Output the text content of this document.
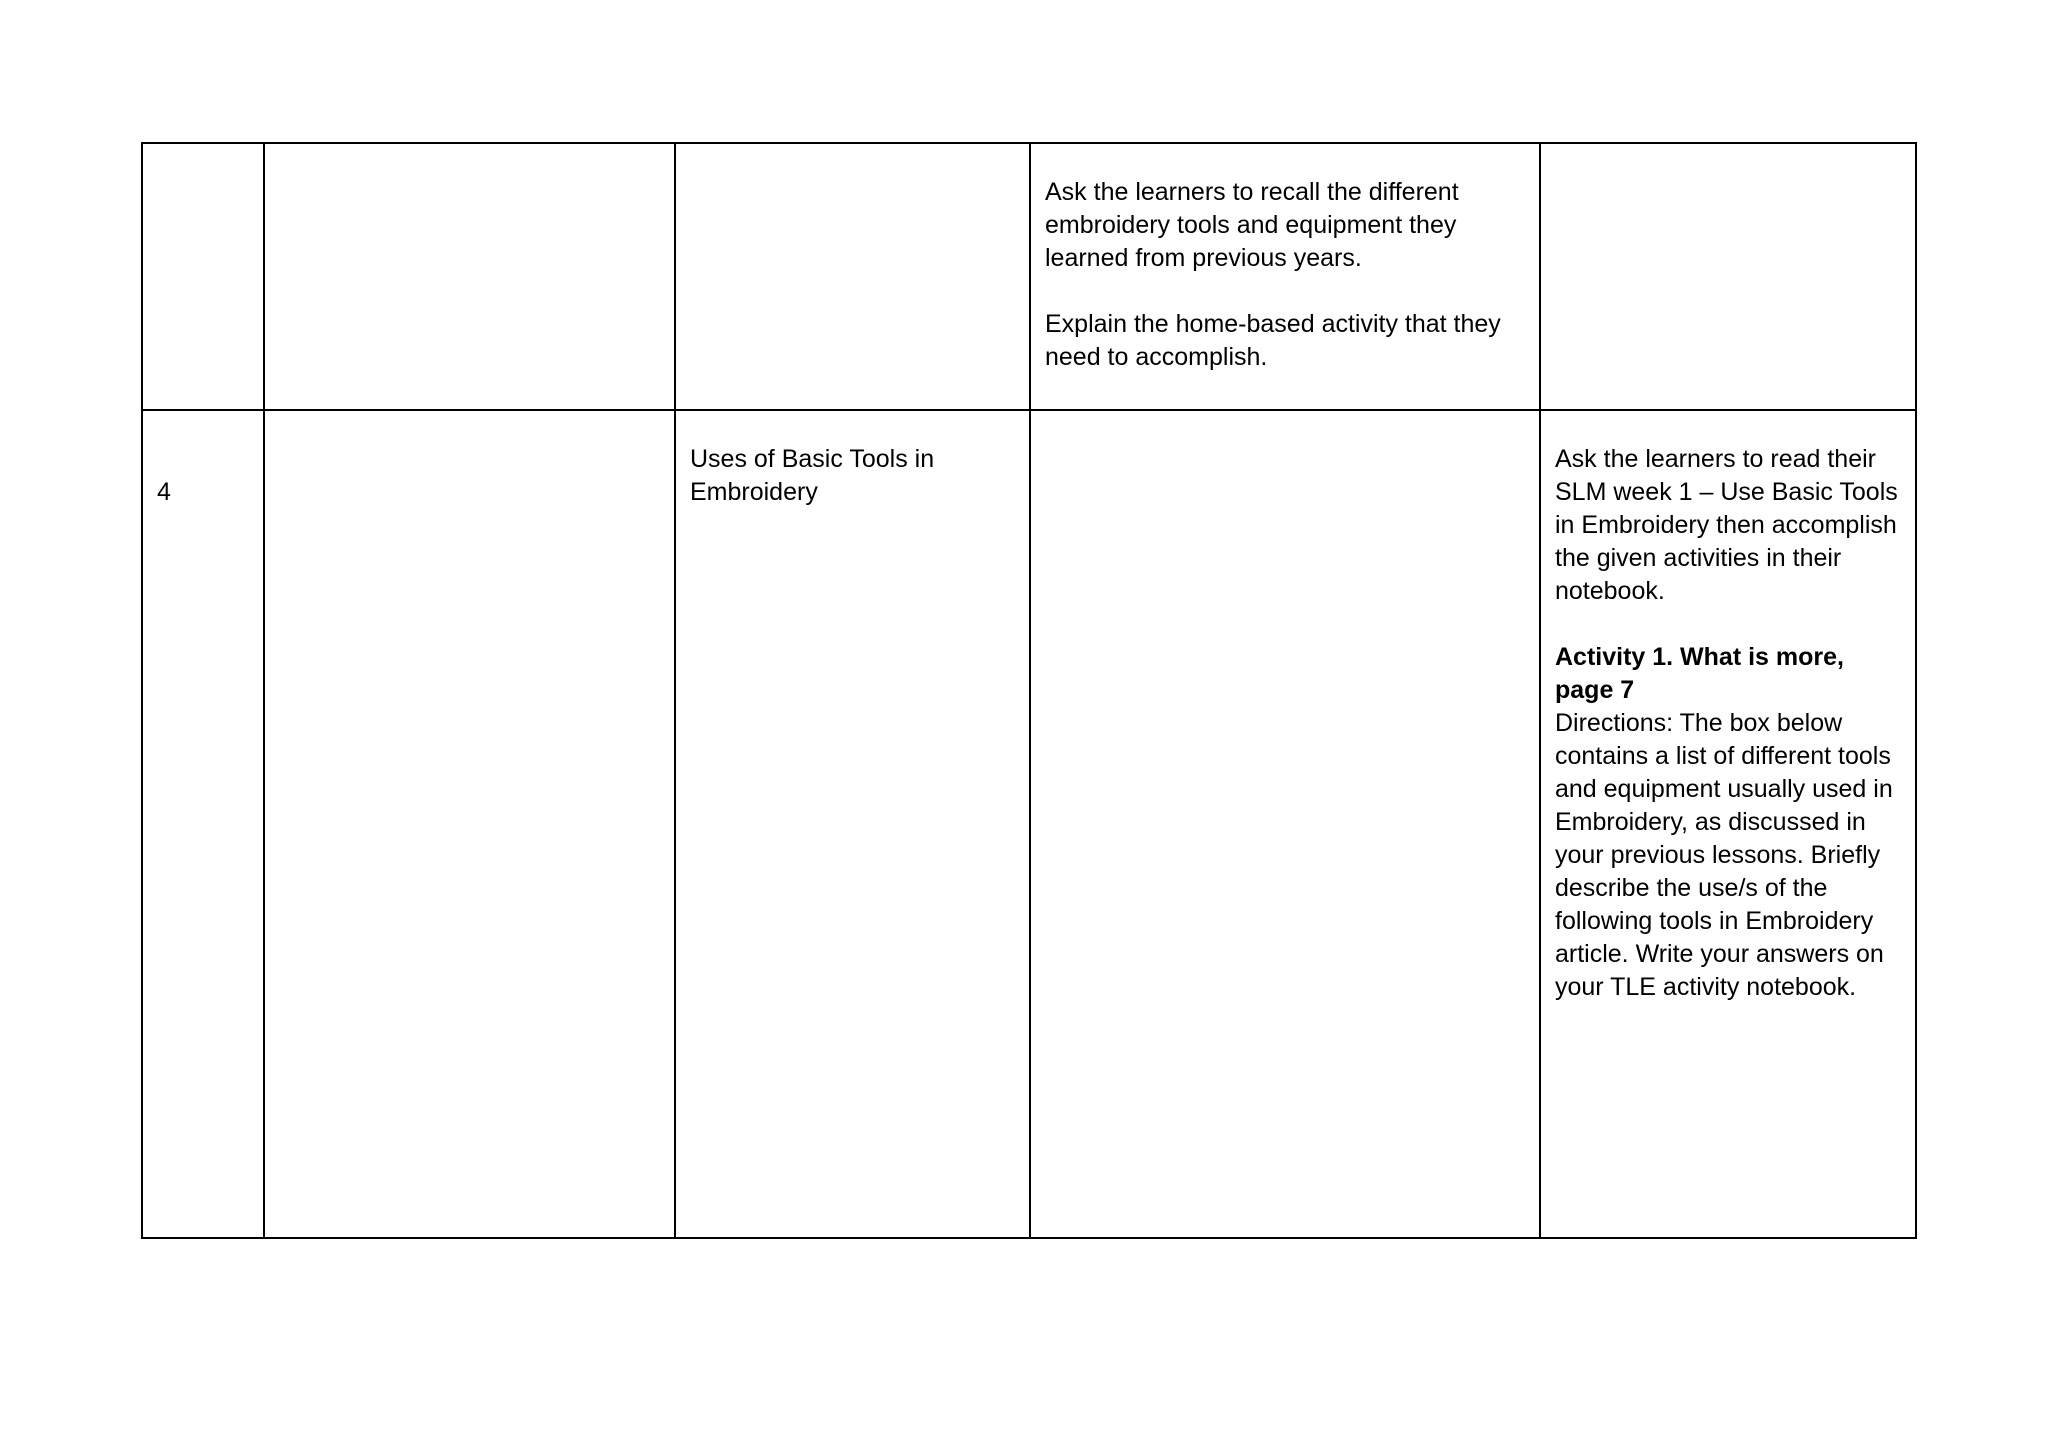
			Ask the learners to recall the different embroidery tools and equipment they learned from previous years.

Explain the home-based activity that they need to accomplish.	

4		Uses of Basic Tools in Embroidery		Ask the learners to read their SLM week 1 – Use Basic Tools in Embroidery then accomplish the given activities in their notebook.

Activity 1. What is more, page 7
Directions: The box below contains a list of different tools and equipment usually used in Embroidery, as discussed in your previous lessons. Briefly describe the use/s of the following tools in Embroidery article. Write your answers on your TLE activity notebook.
